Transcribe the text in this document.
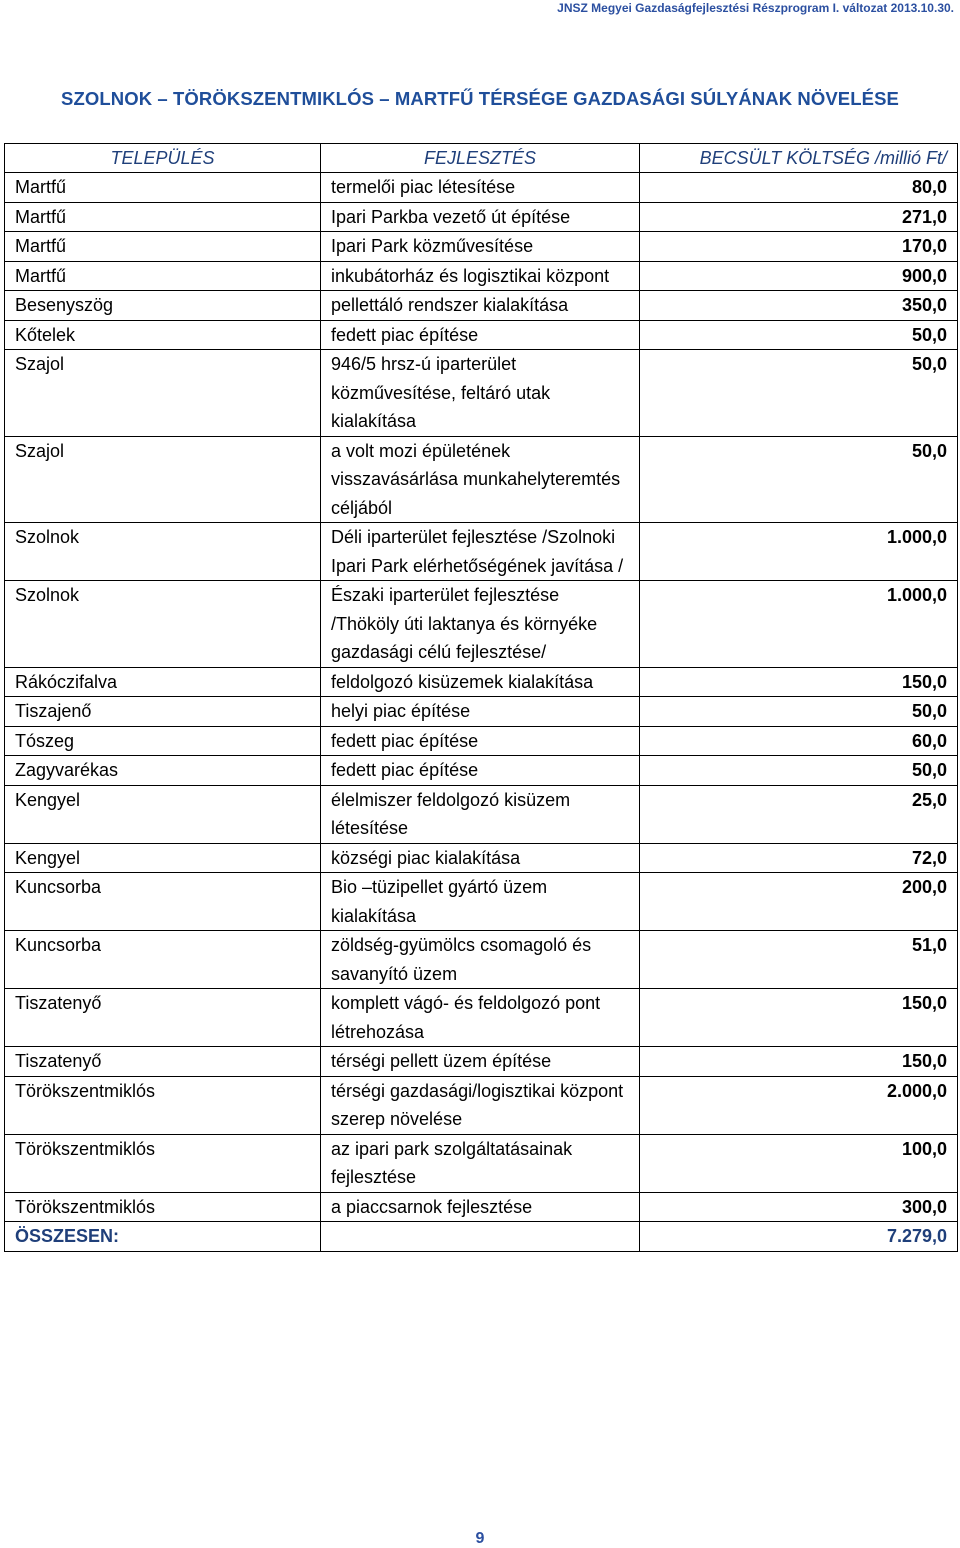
JNSZ Megyei Gazdaságfejlesztési Részprogram I. változat 2013.10.30.
SZOLNOK – TÖRÖKSZENTMIKLÓS – MARTFŰ TÉRSÉGE GAZDASÁGI SÚLYÁNAK NÖVELÉSE
TELEPÜLÉS	FEJLESZTÉS	BECSÜLT KÖLTSÉG /millió Ft/
Martfű	termelői piac létesítése	80,0
Martfű	Ipari Parkba vezető út építése	271,0
Martfű	Ipari Park közművesítése	170,0
Martfű	inkubátorház és logisztikai központ	900,0
Besenyszög	pellettáló rendszer kialakítása	350,0
Kőtelek	fedett piac építése	50,0
Szajol	946/5 hrsz-ú iparterület közművesítése, feltáró utak kialakítása	50,0
Szajol	a volt mozi épületének visszavásárlása munkahelyteremtés céljából	50,0
Szolnok	Déli iparterület fejlesztése /Szolnoki Ipari Park elérhetőségének javítása /	1.000,0
Szolnok	Északi iparterület fejlesztése /Thököly úti laktanya és környéke gazdasági célú fejlesztése/	1.000,0
Rákóczifalva	feldolgozó kisüzemek kialakítása	150,0
Tiszajenő	helyi piac építése	50,0
Tószeg	fedett piac építése	60,0
Zagyvarékas	fedett piac építése	50,0
Kengyel	élelmiszer feldolgozó kisüzem létesítése	25,0
Kengyel	községi piac kialakítása	72,0
Kuncsorba	Bio –tüzipellet gyártó üzem kialakítása	200,0
Kuncsorba	zöldség-gyümölcs csomagoló és savanyító üzem	51,0
Tiszatenyő	komplett vágó- és feldolgozó pont létrehozása	150,0
Tiszatenyő	térségi pellett üzem építése	150,0
Törökszentmiklós	térségi gazdasági/logisztikai központ szerep növelése	2.000,0
Törökszentmiklós	az ipari park szolgáltatásainak fejlesztése	100,0
Törökszentmiklós	a piaccsarnok fejlesztése	300,0
ÖSSZESEN:		7.279,0
9
